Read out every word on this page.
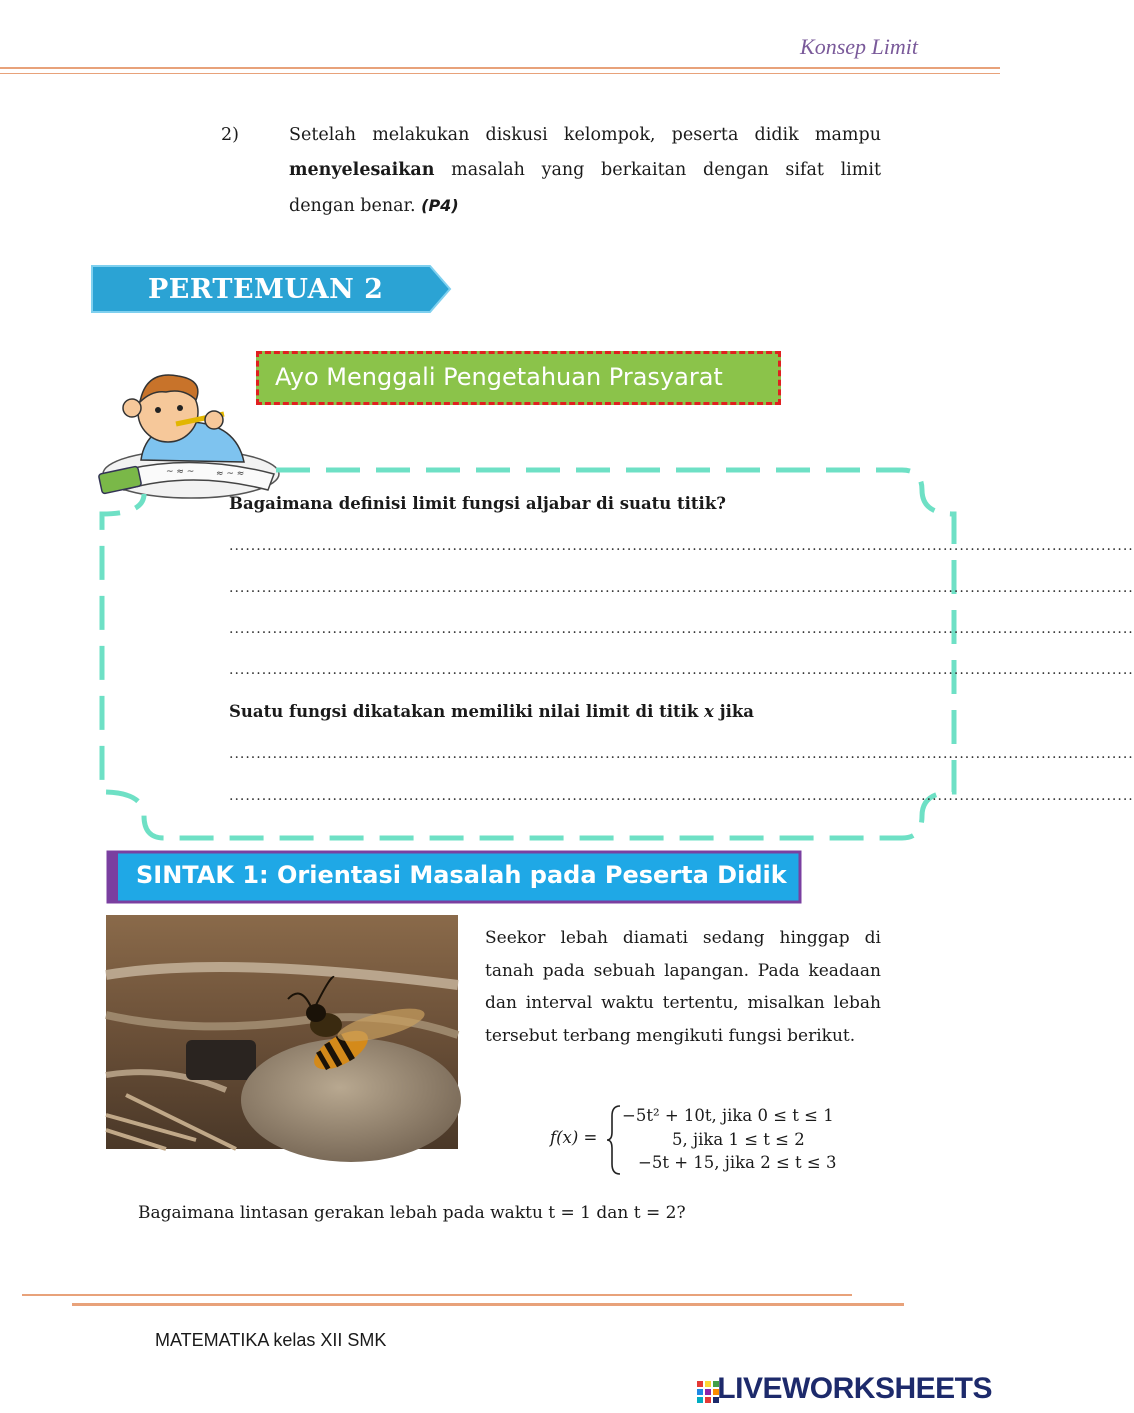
Konsep Limit
2)	Setelah melakukan diskusi kelompok, peserta didik mampu menyelesaikan masalah yang berkaitan dengan sifat limit dengan benar. (P4)
PERTEMUAN 2
~ ≈ ~ ≈ ~ ≈
Ayo Menggali Pengetahuan Prasyarat
Bagaimana definisi limit fungsi aljabar di suatu titik?
......................................................................................................................................................................
......................................................................................................................................................................
......................................................................................................................................................................
......................................................................................................................................................................
Suatu fungsi dikatakan memiliki nilai limit di titik x jika
......................................................................................................................................................................
......................................................................................................................................................................
SINTAK 1: Orientasi Masalah pada Peserta Didik
Seekor lebah diamati sedang hinggap di tanah pada sebuah lapangan. Pada keadaan dan interval waktu tertentu, misalkan lebah tersebut terbang mengikuti fungsi berikut.
f(x) =
−5t² + 10t, jika 0 ≤ t ≤ 1
5, jika 1 ≤ t ≤ 2
−5t + 15, jika 2 ≤ t ≤ 3
Bagaimana lintasan gerakan lebah pada waktu t = 1 dan t = 2?
MATEMATIKA kelas XII SMK
LIVEWORKSHEETS
